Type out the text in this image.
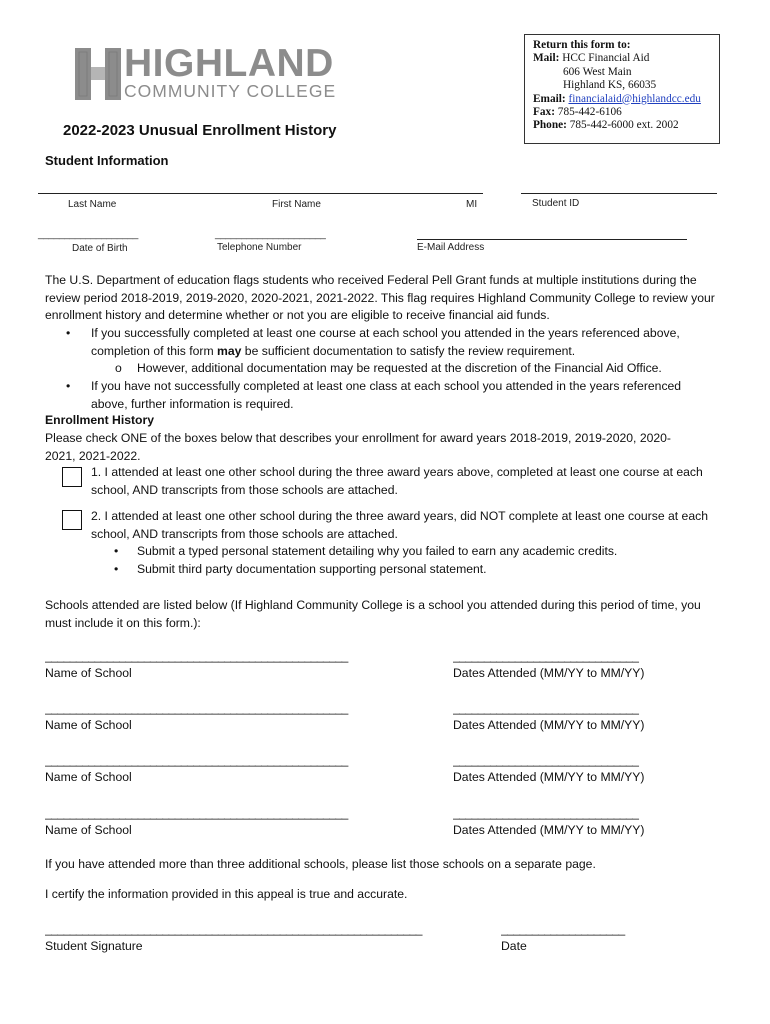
HIGHLAND
COMMUNITY COLLEGE
2022-2023 Unusual Enrollment History
Return this form to:
Mail: HCC Financial Aid
606 West Main
Highland KS, 66035
Email: financialaid@highlandcc.edu
Fax: 785-442-6106
Phone: 785-442-6000 ext. 2002
Student Information
Last Name	First Name	MI	Student ID
___________________	_____________________
Date of Birth	Telephone Number	E-Mail Address
The U.S. Department of education flags students who received Federal Pell Grant funds at multiple institutions during the review period 2018-2019, 2019-2020, 2020-2021, 2021-2022. This flag requires Highland Community College to review your enrollment history and determine whether or not you are eligible to receive financial aid funds.
• If you successfully completed at least one course at each school you attended in the years referenced above, completion of this form may be sufficient documentation to satisfy the review requirement.
o However, additional documentation may be requested at the discretion of the Financial Aid Office.
• If you have not successfully completed at least one class at each school you attended in the years referenced above, further information is required.
Enrollment History
Please check ONE of the boxes below that describes your enrollment for award years 2018-2019, 2019-2020, 2020-2021, 2021-2022.
1. I attended at least one other school during the three award years above, completed at least one course at each school, AND transcripts from those schools are attached.
2. I attended at least one other school during the three award years, did NOT complete at least one course at each school, AND transcripts from those schools are attached.
• Submit a typed personal statement detailing why you failed to earn any academic credits.
• Submit third party documentation supporting personal statement.
Schools attended are listed below (If Highland Community College is a school you attended during this period of time, you must include it on this form.):
_________________________________________________	______________________________
Name of School	Dates Attended (MM/YY to MM/YY)
_________________________________________________	______________________________
Name of School	Dates Attended (MM/YY to MM/YY)
_________________________________________________	______________________________
Name of School	Dates Attended (MM/YY to MM/YY)
_________________________________________________	______________________________
Name of School	Dates Attended (MM/YY to MM/YY)
If you have attended more than three additional schools, please list those schools on a separate page.
I certify the information provided in this appeal is true and accurate.
_____________________________________________________________	____________________
Student Signature	Date
